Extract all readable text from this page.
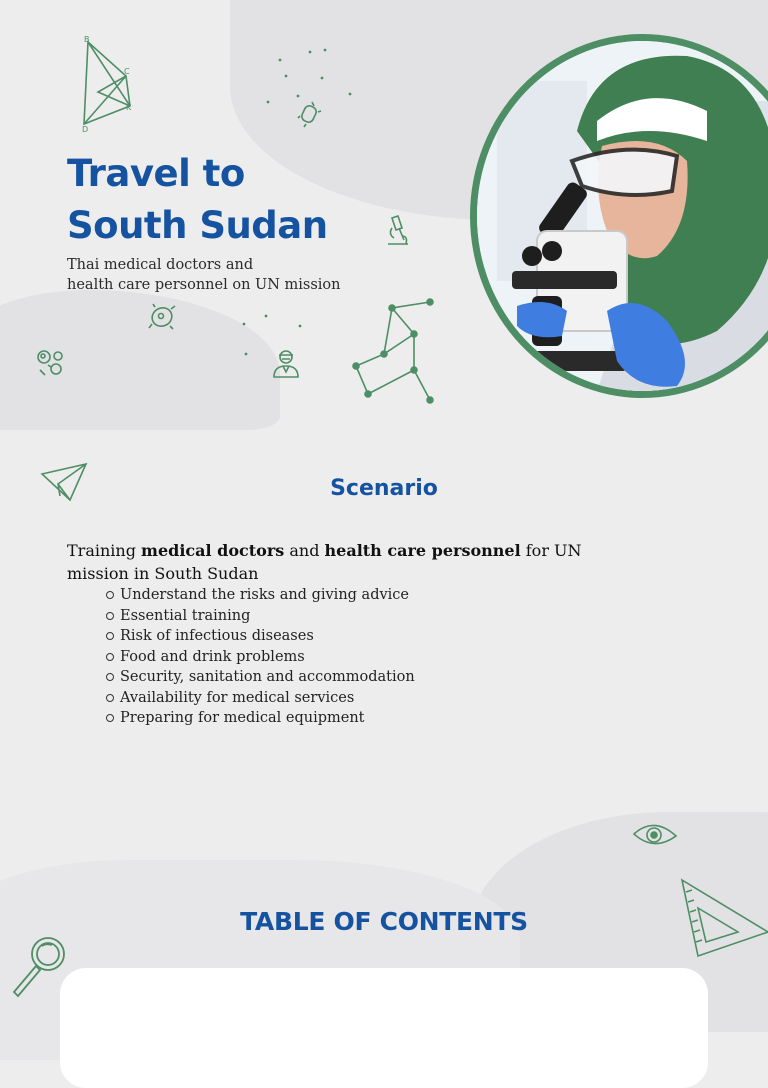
Travel to
South Sudan
Thai medical doctors and
health care personnel on UN mission
B
C
D
K
Scenario
Training medical doctors and health care personnel for UN mission in South Sudan
Understand the risks and giving advice
Essential training
Risk of infectious diseases
Food and drink problems
Security, sanitation and accommodation
Availability for medical services
Preparing for medical equipment
TABLE OF CONTENTS
